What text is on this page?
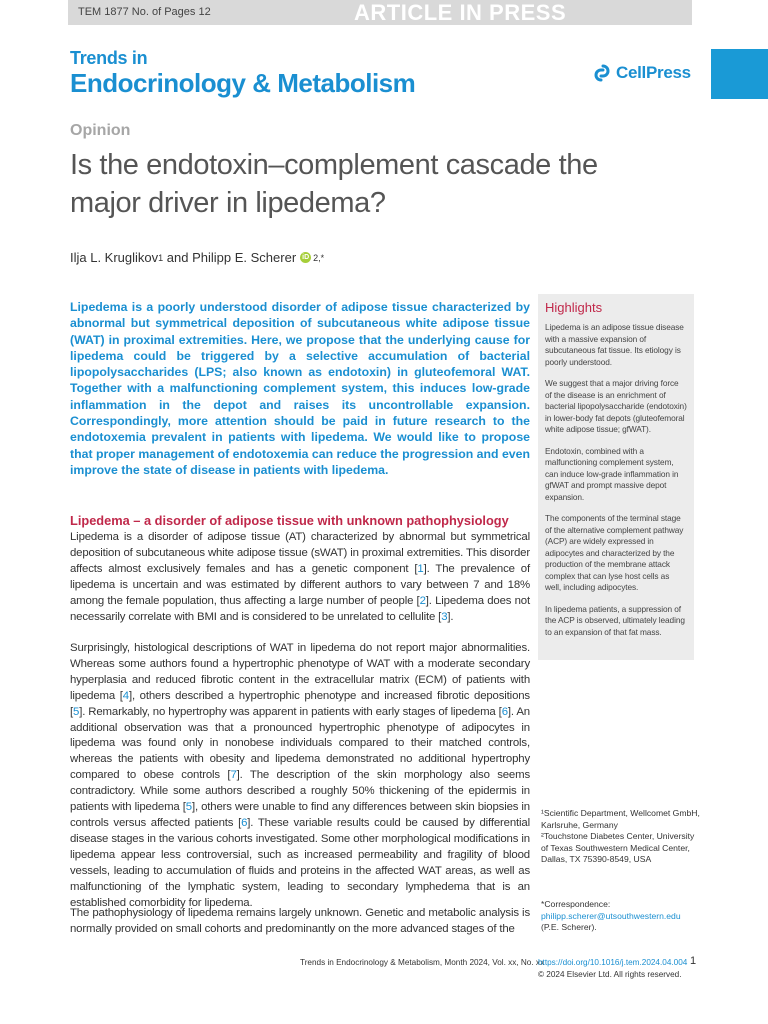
TEM 1877 No. of Pages 12	ARTICLE IN PRESS
Trends in
Endocrinology & Metabolism	CellPress
Opinion
Is the endotoxin–complement cascade the major driver in lipedema?
Ilja L. Kruglikov 1
and Philipp E. Scherer iD 2,*

Lipedema is a poorly understood disorder of adipose tissue characterized by abnormal but symmetrical deposition of subcutaneous white adipose tissue (WAT) in proximal extremities. Here, we propose that the underlying cause for lipedema could be triggered by a selective accumulation of bacterial lipopolysaccharides (LPS; also known as endotoxin) in gluteofemoral WAT. Together with a malfunctioning complement system, this induces low-grade inflammation in the depot and raises its uncontrollable expansion. Correspondingly, more attention should be paid in future research to the endotoxemia prevalent in patients with lipedema. We would like to propose that proper management of endotoxemia can reduce the progression and even improve the state of disease in patients with lipedema.

Highlights

Lipedema is an adipose tissue disease with a massive expansion of subcutaneous fat tissue. Its etiology is poorly understood.

We suggest that a major driving force of the disease is an enrichment of bacterial lipopolysaccharide (endotoxin) in lower-body fat depots (gluteofemoral white adipose tissue; gfWAT).

Endotoxin, combined with a malfunctioning complement system, can induce low-grade inflammation in gfWAT and prompt massive depot expansion.

The components of the terminal stage of the alternative complement pathway (ACP) are widely expressed in adipocytes and characterized by the production of the membrane attack complex that can lyse host cells as well, including adipocytes.

In lipedema patients, a suppression of the ACP is observed, ultimately leading to an expansion of that fat mass.

Lipedema – a disorder of adipose tissue with unknown pathophysiology

Lipedema is a disorder of adipose tissue (AT) characterized by abnormal but symmetrical deposition of subcutaneous white adipose tissue (sWAT) in proximal extremities. This disorder affects almost exclusively females and has a genetic component [1]. The prevalence of lipedema is uncertain and was estimated by different authors to vary between 7 and 18% among the female population, thus affecting a large number of people [2]. Lipedema does not necessarily correlate with BMI and is considered to be unrelated to cellulite [3].

Surprisingly, histological descriptions of WAT in lipedema do not report major abnormalities. Whereas some authors found a hypertrophic phenotype of WAT with a moderate secondary hyperplasia and reduced fibrotic content in the extracellular matrix (ECM) of patients with lipedema [4], others described a hypertrophic phenotype and increased fibrotic depositions [5]. Remarkably, no hypertrophy was apparent in patients with early stages of lipedema [6]. An additional observation was that a pronounced hypertrophic phenotype of adipocytes in lipedema was found only in nonobese individuals compared to their matched controls, whereas the patients with obesity and lipedema demonstrated no additional hypertrophy compared to obese controls [7]. The description of the skin morphology also seems contradictory. While some authors described a roughly 50% thickening of the epidermis in patients with lipedema [5], others were unable to find any differences between skin biopsies in controls versus affected patients [6]. These variable results could be caused by differential disease stages in the various cohorts investigated. Some other morphological modifications in lipedema appear less controversial, such as increased permeability and fragility of blood vessels, leading to accumulation of fluids and proteins in the affected WAT areas, as well as malfunctioning of the lymphatic system, leading to secondary lymphedema that is an established comorbidity for lipedema.

The pathophysiology of lipedema remains largely unknown. Genetic and metabolic analysis is normally provided on small cohorts and predominantly on the more advanced stages of the

¹Scientific Department, Wellcomet GmbH, Karlsruhe, Germany
²Touchstone Diabetes Center, University of Texas Southwestern Medical Center, Dallas, TX 75390-8549, USA
*Correspondence:
philipp.scherer@utsouthwestern.edu
(P.E. Scherer).
Trends in Endocrinology & Metabolism, Month 2024, Vol. xx, No. xx
https://doi.org/10.1016/j.tem.2024.04.004
© 2024 Elsevier Ltd. All rights reserved.
1
